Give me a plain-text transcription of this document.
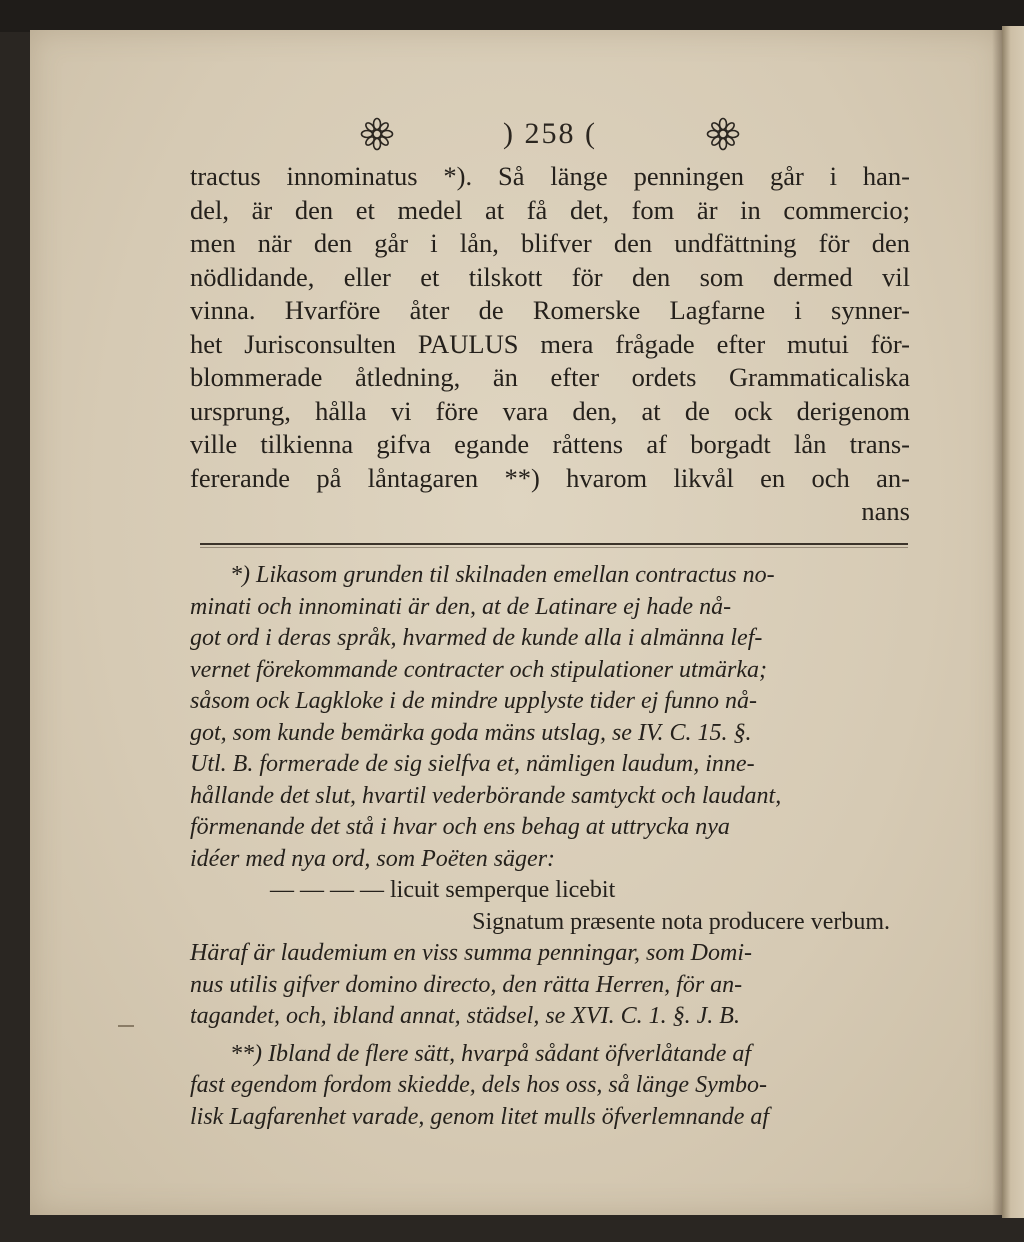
) 258 (
tractus innominatus *). Så länge penningen går i han-
del, är den et medel at få det, fom är in commercio;
men när den går i lån, blifver den undfättning för den
nödlidande, eller et tilskott för den som dermed vil
vinna. Hvarföre åter de Romerske Lagfarne i synner-
het Jurisconsulten PAULUS mera frågade efter mutui för-
blommerade åtledning, än efter ordets Grammaticaliska
ursprung, hålla vi före vara den, at de ock derigenom
ville tilkienna gifva egande råttens af borgadt lån trans-
fererande på låntagaren **) hvarom likvål en och an-
nans
*) Likasom grunden til skilnaden emellan contractus no-
minati och innominati är den, at de Latinare ej hade nå-
got ord i deras språk, hvarmed de kunde alla i almänna lef-
vernet förekommande contracter och stipulationer utmärka;
såsom ock Lagkloke i de mindre upplyste tider ej funno nå-
got, som kunde bemärka goda mäns utslag, se IV. C. 15. §.
Utl. B. formerade de sig sielfva et, nämligen laudum, inne-
hållande det slut, hvartil vederbörande samtyckt och laudant,
förmenande det stå i hvar och ens behag at uttrycka nya
idéer med nya ord, som Poëten säger:
— — — — licuit semperque licebit
Signatum præsente nota producere verbum.
Häraf är laudemium en viss summa penningar, som Domi-
nus utilis gifver domino directo, den rätta Herren, för an-
tagandet, och, ibland annat, städsel, se XVI. C. 1. §. J. B.
**) Ibland de flere sätt, hvarpå sådant öfverlåtande af
fast egendom fordom skiedde, dels hos oss, så länge Symbo-
lisk Lagfarenhet varade, genom litet mulls öfverlemnande af
